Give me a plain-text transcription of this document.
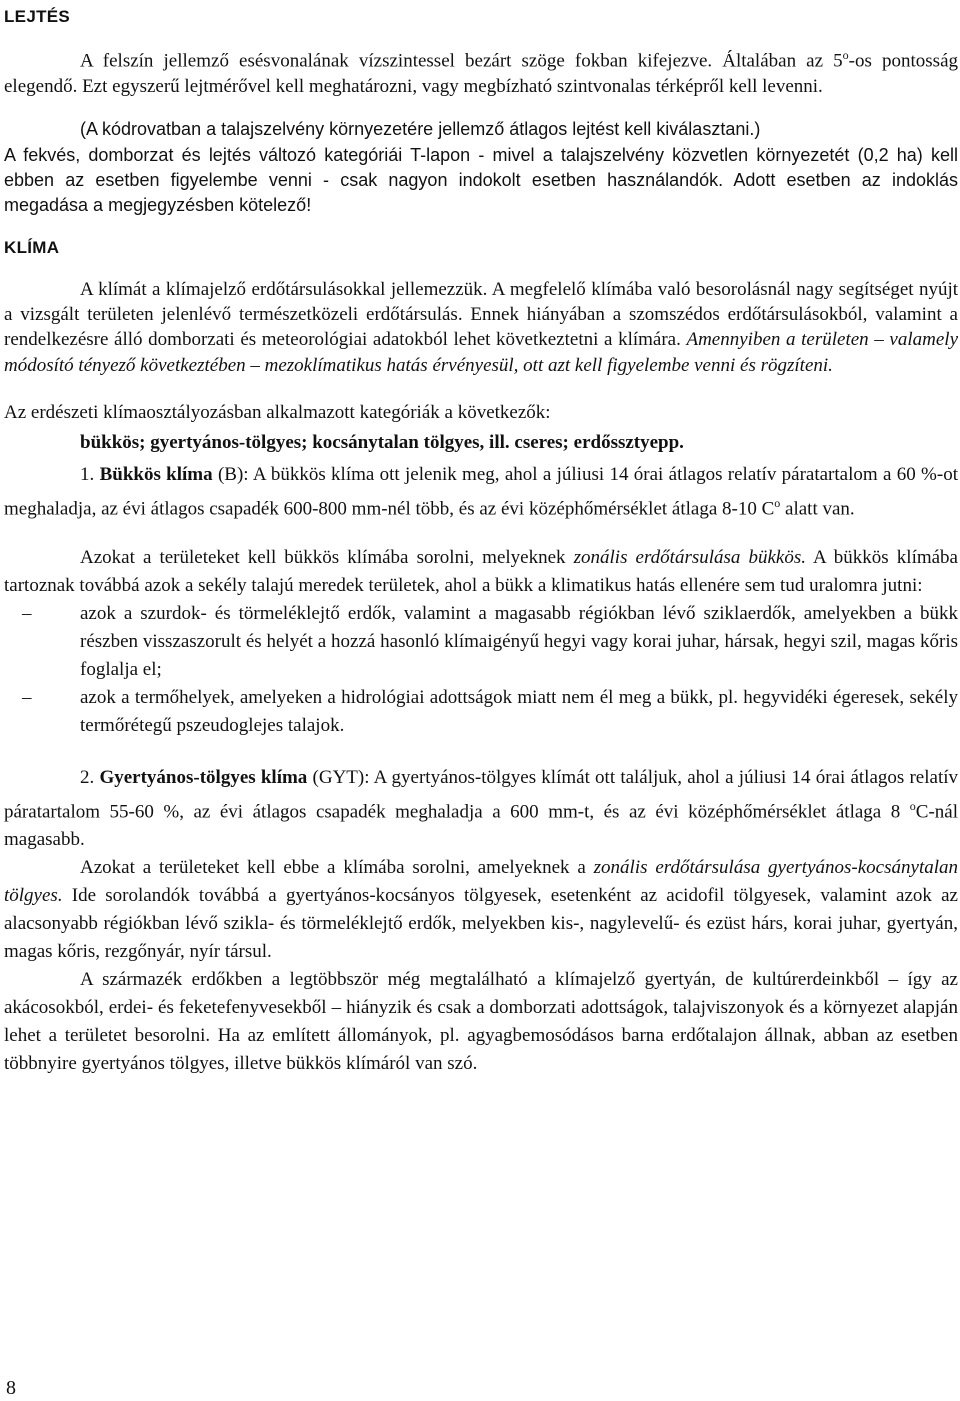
LEJTÉS

A felszín jellemző esésvonalának vízszintessel bezárt szöge fokban kifejezve. Általában az 5$^o$-os pontosság elegendő. Ezt egyszerű lejtmérővel kell meghatározni, vagy megbízható szintvonalas térképről kell levenni.

(A kódrovatban a talajszelvény környezetére jellemző átlagos lejtést kell kiválasztani.)

A fekvés, domborzat és lejtés változó kategóriái T-lapon - mivel a talajszelvény közvetlen környezetét (0,2 ha) kell ebben az esetben figyelembe venni - csak nagyon indokolt esetben használandók. Adott esetben az indoklás megadása a megjegyzésben kötelező!

KLÍMA

A klímát a klímajelző erdőtársulásokkal jellemezzük. A megfelelő klímába való besorolásnál nagy segítséget nyújt a vizsgált területen jelenlévő természetközeli erdőtársulás. Ennek hiányában a szomszédos erdőtársulásokból, valamint a rendelkezésre álló domborzati és meteorológiai adatokból lehet következtetni a klímára. Amennyiben a területen – valamely módosító tényező következtében – mezoklímatikus hatás érvényesül, ott azt kell figyelembe venni és rögzíteni.

Az erdészeti klímaosztályozásban alkalmazott kategóriák a következők:

bükkös; gyertyános-tölgyes; kocsánytalan tölgyes, ill. cseres; erdőssztyepp.

1. Bükkös klíma (B): A bükkös klíma ott jelenik meg, ahol a júliusi 14 órai átlagos relatív páratartalom a 60 %-ot meghaladja, az évi átlagos csapadék 600-800 mm-nél több, és az évi középhőmérséklet átlaga 8-10 $C^o$ alatt van.

Azokat a területeket kell bükkös klímába sorolni, melyeknek zonális erdőtársulása bükkös. A bükkös klímába tartoznak továbbá azok a sekély talajú meredek területek, ahol a bükk a klimatikus hatás ellenére sem tud uralomra jutni:

–	azok a szurdok- és törmeléklejtő erdők, valamint a magasabb régiókban lévő sziklaerdők, amelyekben a bükk részben visszaszorult és helyét a hozzá hasonló klímaigényű hegyi vagy korai juhar, hársak, hegyi szil, magas kőris foglalja el;
–	azok a termőhelyek, amelyeken a hidrológiai adottságok miatt nem él meg a bükk, pl. hegyvidéki égeresek, sekély termőrétegű pszeudoglejes talajok.

2. Gyertyános-tölgyes klíma (GYT): A gyertyános-tölgyes klímát ott találjuk, ahol a júliusi 14 órai átlagos relatív páratartalom 55-60 %, az évi átlagos csapadék meghaladja a 600 mm-t, és az évi középhőmérséklet átlaga 8 $^o$C-nál magasabb.

Azokat a területeket kell ebbe a klímába sorolni, amelyeknek a zonális erdőtársulása gyertyános-kocsánytalan tölgyes. Ide sorolandók továbbá a gyertyános-kocsányos tölgyesek, esetenként az acidofil tölgyesek, valamint azok az alacsonyabb régiókban lévő szikla- és törmeléklejtő erdők, melyekben kis-, nagylevelű- és ezüst hárs, korai juhar, gyertyán, magas kőris, rezgőnyár, nyír társul.

A származék erdőkben a legtöbbször még megtalálható a klímajelző gyertyán, de kultúrerdeinkből – így az akácosokból, erdei- és feketefenyvesekből – hiányzik és csak a domborzati adottságok, talajviszonyok és a környezet alapján lehet a területet besorolni. Ha az említett állományok, pl. agyagbemosódásos barna erdőtalajon állnak, abban az esetben többnyire gyertyános tölgyes, illetve bükkös klímáról van szó.

8
